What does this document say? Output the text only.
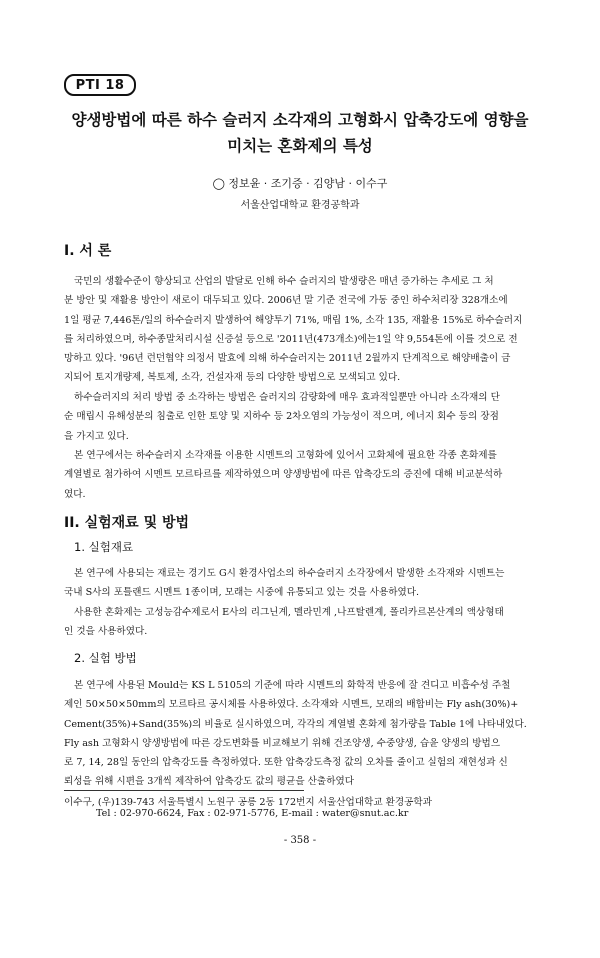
PTI 18
양생방법에 따른 하수 슬러지 소각재의 고형화시 압축강도에 영향을
미치는 혼화제의 특성
◯ 정보윤 · 조기증 · 김양남 · 이수구
서울산업대학교 환경공학과
I. 서 론
국민의 생활수준이 향상되고 산업의 발달로 인해 하수 슬러지의 발생량은 매년 증가하는 추세로 그 처
분 방안 및 재활용 방안이 새로이 대두되고 있다. 2006년 말 기준 전국에 가동 중인 하수처리장 328개소에
1일 평균 7,446톤/일의 하수슬러지 발생하여 해양투기 71%, 매립 1%, 소각 135, 재활용 15%로 하수슬러지
를 처리하였으며, 하수종말처리시설 신증설 등으로 '2011년(473개소)에는1일 약 9,554톤에 이를 것으로 전
망하고 있다. '96년 런던협약 의정서 발효에 의해 하수슬러지는 2011년 2월까지 단계적으로 해양배출이 금
지되어 토지개량제, 복토제, 소각, 건설자재 등의 다양한 방법으로 모색되고 있다.
하수슬러지의 처리 방법 중 소각하는 방법은 슬러지의 감량화에 매우 효과적일뿐만 아니라 소각재의 단
순 매립시 유해성분의 침출로 인한 토양 및 지하수 등 2차오염의 가능성이 적으며, 에너지 회수 등의 장점
을 가지고 있다.
본 연구에서는 하수슬러지 소각재를 이용한 시멘트의 고형화에 있어서 고화체에 필요한 각종 혼화제를
계열별로 첨가하여 시멘트 모르타르를 제작하였으며 양생방법에 따른 압축강도의 증진에 대해 비교분석하
였다.
II. 실험재료 및 방법
1. 실험재료
본 연구에 사용되는 재료는 경기도 G시 환경사업소의 하수슬러지 소각장에서 발생한 소각재와 시멘트는
국내 S사의 포틀랜드 시멘트 1종이며, 모래는 시중에 유통되고 있는 것을 사용하였다.
사용한 혼화제는 고성능감수제로서 E사의 리그닌계, 멜라민계 ,나프탈렌계, 폴리카르본산계의 액상형태
인 것을 사용하였다.
2. 실험 방법
본 연구에 사용된 Mould는 KS L 5105의 기준에 따라 시멘트의 화학적 반응에 잘 견디고 비흡수성 주철
제인 50×50×50mm의 모르타르 공시체를 사용하였다. 소각재와 시멘트, 모래의 배합비는 Fly ash(30%)+
Cement(35%)+Sand(35%)의 비율로 실시하였으며, 각각의 계열별 혼화제 첨가량을 Table 1에 나타내었다.
Fly ash 고형화시 양생방법에 따른 강도변화를 비교해보기 위해 건조양생, 수중양생, 습윤 양생의 방법으
로 7, 14, 28일 동안의 압축강도를 측정하였다. 또한 압축강도측정 값의 오차를 줄이고 실험의 재현성과 신
뢰성을 위해 시편을 3개씩 제작하여 압축강도 값의 평균을 산출하였다
이수구, (우)139-743 서울특별시 노원구 공릉 2동 172번지 서울산업대학교 환경공학과
Tel : 02-970-6624, Fax : 02-971-5776, E-mail : water@snut.ac.kr
- 358 -
